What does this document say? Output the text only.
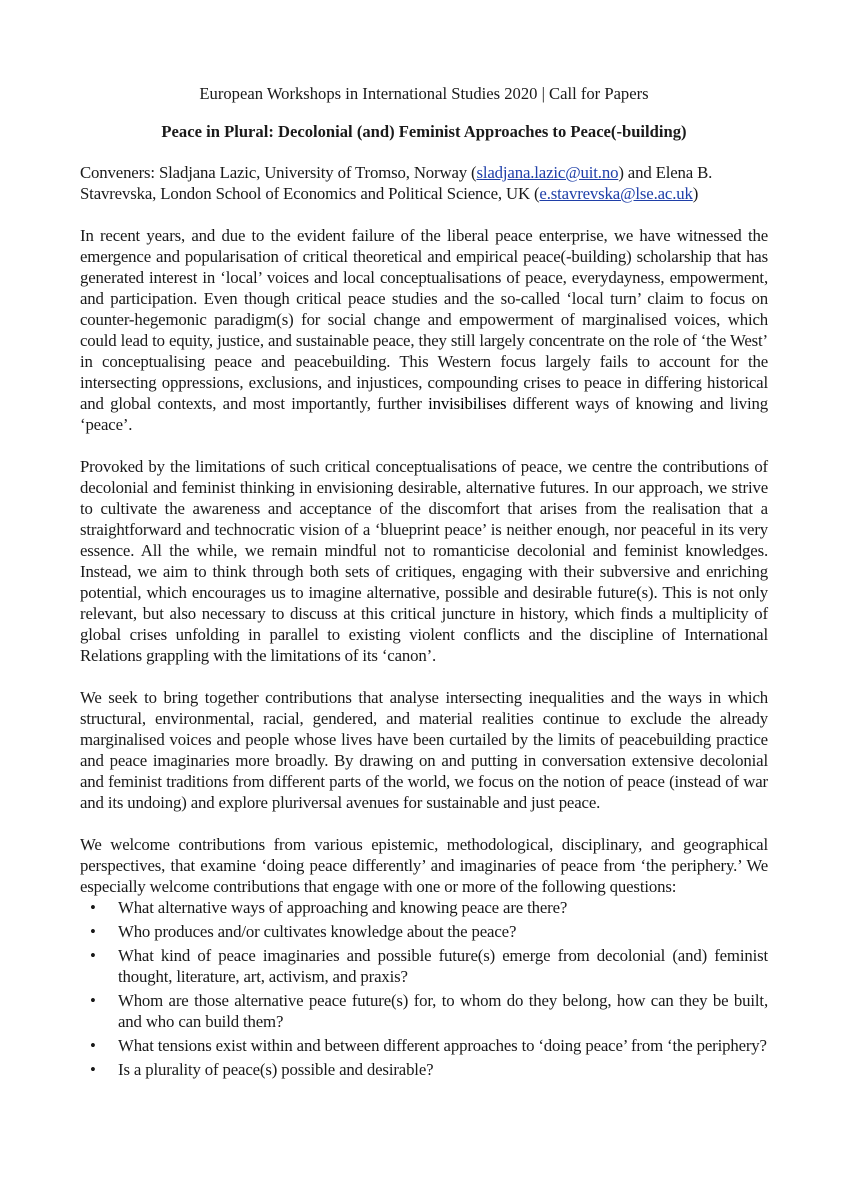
European Workshops in International Studies 2020 | Call for Papers
Peace in Plural: Decolonial (and) Feminist Approaches to Peace(-building)

Conveners: Sladjana Lazic, University of Tromso, Norway (sladjana.lazic@uit.no) and Elena B. Stavrevska, London School of Economics and Political Science, UK (e.stavrevska@lse.ac.uk)

In recent years, and due to the evident failure of the liberal peace enterprise, we have witnessed the emergence and popularisation of critical theoretical and empirical peace(-building) scholarship that has generated interest in ‘local’ voices and local conceptualisations of peace, everydayness, empowerment, and participation. Even though critical peace studies and the so-called ‘local turn’ claim to focus on counter-hegemonic paradigm(s) for social change and empowerment of marginalised voices, which could lead to equity, justice, and sustainable peace, they still largely concentrate on the role of ‘the West’ in conceptualising peace and peacebuilding. This Western focus largely fails to account for the intersecting oppressions, exclusions, and injustices, compounding crises to peace in differing historical and global contexts, and most importantly, further invisibilises different ways of knowing and living ‘peace’.

Provoked by the limitations of such critical conceptualisations of peace, we centre the contributions of decolonial and feminist thinking in envisioning desirable, alternative futures. In our approach, we strive to cultivate the awareness and acceptance of the discomfort that arises from the realisation that a straightforward and technocratic vision of a ‘blueprint peace’ is neither enough, nor peaceful in its very essence. All the while, we remain mindful not to romanticise decolonial and feminist knowledges. Instead, we aim to think through both sets of critiques, engaging with their subversive and enriching potential, which encourages us to imagine alternative, possible and desirable future(s). This is not only relevant, but also necessary to discuss at this critical juncture in history, which finds a multiplicity of global crises unfolding in parallel to existing violent conflicts and the discipline of International Relations grappling with the limitations of its ‘canon’.

We seek to bring together contributions that analyse intersecting inequalities and the ways in which structural, environmental, racial, gendered, and material realities continue to exclude the already marginalised voices and people whose lives have been curtailed by the limits of peacebuilding practice and peace imaginaries more broadly. By drawing on and putting in conversation extensive decolonial and feminist traditions from different parts of the world, we focus on the notion of peace (instead of war and its undoing) and explore pluriversal avenues for sustainable and just peace.

We welcome contributions from various epistemic, methodological, disciplinary, and geographical perspectives, that examine ‘doing peace differently’ and imaginaries of peace from ‘the periphery.’ We especially welcome contributions that engage with one or more of the following questions:

• What alternative ways of approaching and knowing peace are there?
• Who produces and/or cultivates knowledge about the peace?
• What kind of peace imaginaries and possible future(s) emerge from decolonial (and) feminist thought, literature, art, activism, and praxis?
• Whom are those alternative peace future(s) for, to whom do they belong, how can they be built, and who can build them?
• What tensions exist within and between different approaches to ‘doing peace’ from ‘the periphery?
• Is a plurality of peace(s) possible and desirable?
